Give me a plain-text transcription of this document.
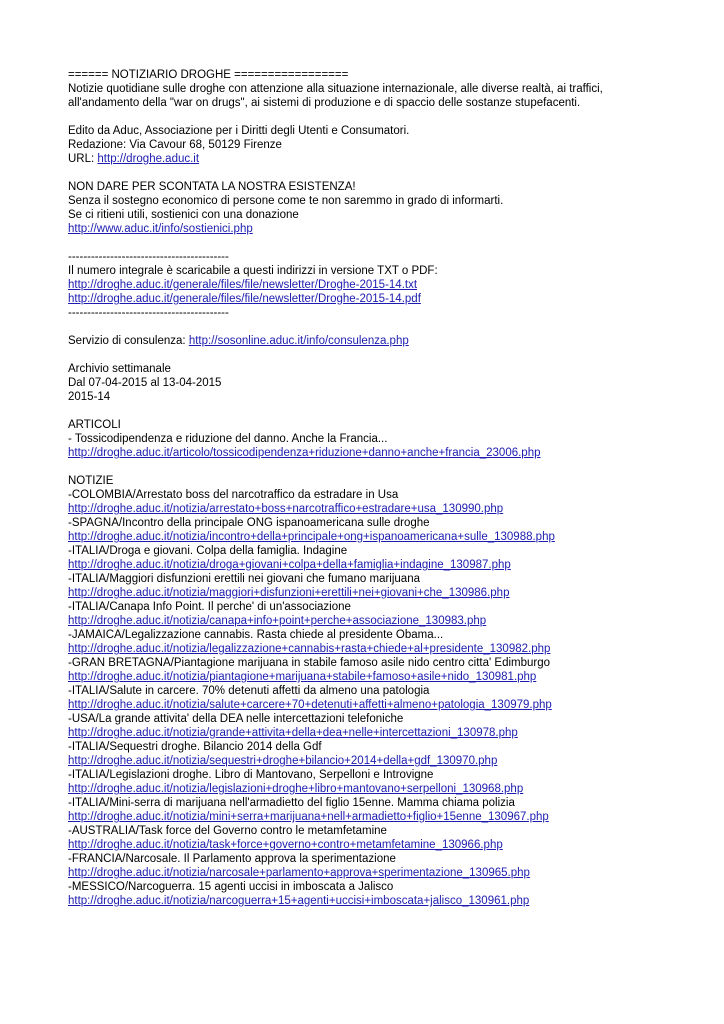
====== NOTIZIARIO DROGHE =================
Notizie quotidiane sulle droghe con attenzione alla situazione internazionale, alle diverse realtà, ai traffici,
all'andamento della "war on drugs", ai sistemi di produzione e di spaccio delle sostanze stupefacenti.
Edito da Aduc, Associazione per i Diritti degli Utenti e Consumatori.
Redazione: Via Cavour 68, 50129 Firenze
URL: http://droghe.aduc.it
NON DARE PER SCONTATA LA NOSTRA ESISTENZA!
Senza il sostegno economico di persone come te non saremmo in grado di informarti.
Se ci ritieni utili, sostienici con una donazione
http://www.aduc.it/info/sostienici.php
------------------------------------------
Il numero integrale è scaricabile a questi indirizzi in versione TXT o PDF:
http://droghe.aduc.it/generale/files/file/newsletter/Droghe-2015-14.txt
http://droghe.aduc.it/generale/files/file/newsletter/Droghe-2015-14.pdf
------------------------------------------
Servizio di consulenza: http://sosonline.aduc.it/info/consulenza.php
Archivio settimanale
Dal 07-04-2015 al 13-04-2015
2015-14
ARTICOLI
- Tossicodipendenza e riduzione del danno. Anche la Francia...
http://droghe.aduc.it/articolo/tossicodipendenza+riduzione+danno+anche+francia_23006.php
NOTIZIE
-COLOMBIA/Arrestato boss del narcotraffico da estradare in Usa
http://droghe.aduc.it/notizia/arrestato+boss+narcotraffico+estradare+usa_130990.php
-SPAGNA/Incontro della principale ONG ispanoamericana sulle droghe
http://droghe.aduc.it/notizia/incontro+della+principale+ong+ispanoamericana+sulle_130988.php
-ITALIA/Droga e giovani. Colpa della famiglia. Indagine
http://droghe.aduc.it/notizia/droga+giovani+colpa+della+famiglia+indagine_130987.php
-ITALIA/Maggiori disfunzioni erettili nei giovani che fumano marijuana
http://droghe.aduc.it/notizia/maggiori+disfunzioni+erettili+nei+giovani+che_130986.php
-ITALIA/Canapa Info Point. Il perche' di un'associazione
http://droghe.aduc.it/notizia/canapa+info+point+perche+associazione_130983.php
-JAMAICA/Legalizzazione cannabis. Rasta chiede al presidente Obama...
http://droghe.aduc.it/notizia/legalizzazione+cannabis+rasta+chiede+al+presidente_130982.php
-GRAN BRETAGNA/Piantagione marijuana in stabile famoso asile nido centro citta' Edimburgo
http://droghe.aduc.it/notizia/piantagione+marijuana+stabile+famoso+asile+nido_130981.php
-ITALIA/Salute in carcere. 70% detenuti affetti da almeno una patologia
http://droghe.aduc.it/notizia/salute+carcere+70+detenuti+affetti+almeno+patologia_130979.php
-USA/La grande attivita' della DEA nelle intercettazioni telefoniche
http://droghe.aduc.it/notizia/grande+attivita+della+dea+nelle+intercettazioni_130978.php
-ITALIA/Sequestri droghe. Bilancio 2014 della Gdf
http://droghe.aduc.it/notizia/sequestri+droghe+bilancio+2014+della+gdf_130970.php
-ITALIA/Legislazioni droghe. Libro di Mantovano, Serpelloni e Introvigne
http://droghe.aduc.it/notizia/legislazioni+droghe+libro+mantovano+serpelloni_130968.php
-ITALIA/Mini-serra di marijuana nell'armadietto del figlio 15enne. Mamma chiama polizia
http://droghe.aduc.it/notizia/mini+serra+marijuana+nell+armadietto+figlio+15enne_130967.php
-AUSTRALIA/Task force del Governo contro le metamfetamine
http://droghe.aduc.it/notizia/task+force+governo+contro+metamfetamine_130966.php
-FRANCIA/Narcosale. Il Parlamento approva la sperimentazione
http://droghe.aduc.it/notizia/narcosale+parlamento+approva+sperimentazione_130965.php
-MESSICO/Narcoguerra. 15 agenti uccisi in imboscata a Jalisco
http://droghe.aduc.it/notizia/narcoguerra+15+agenti+uccisi+imboscata+jalisco_130961.php
